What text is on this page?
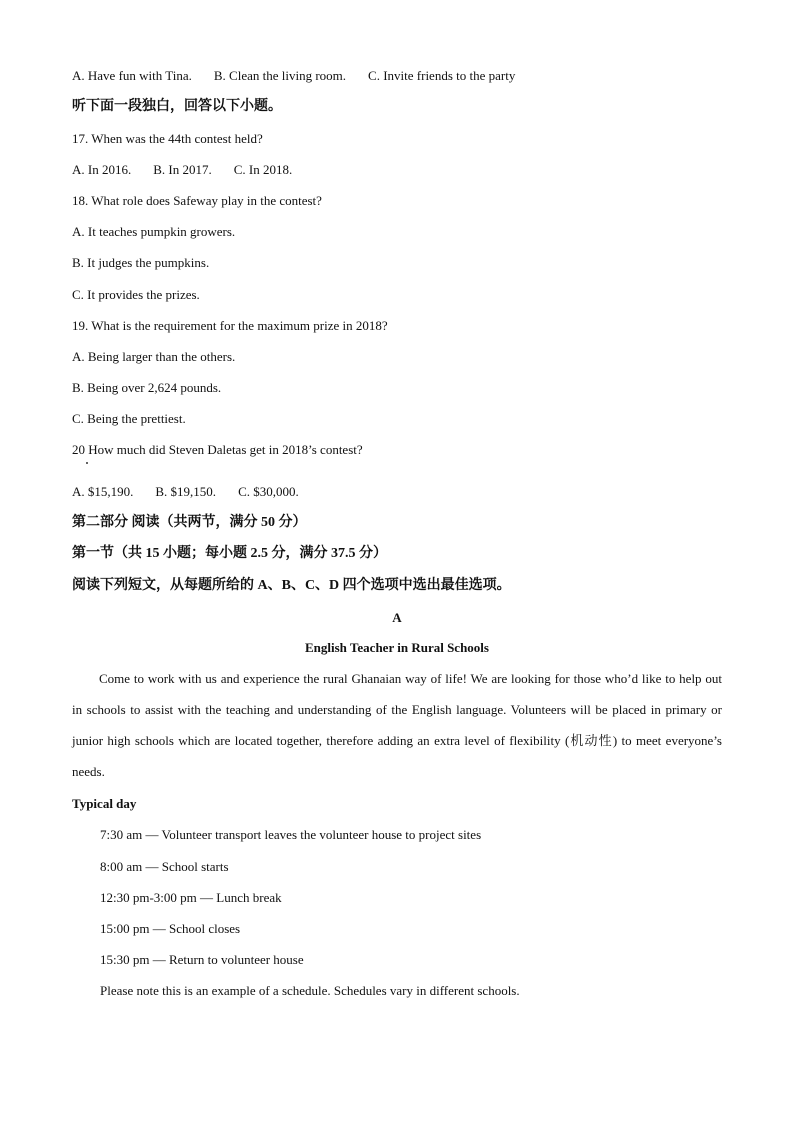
A. Have fun with Tina. B. Clean the living room. C. Invite friends to the party
听下面一段独白，回答以下小题。
17. When was the 44th contest held?
A. In 2016. B. In 2017. C. In 2018.
18. What role does Safeway play in the contest?
A. It teaches pumpkin growers.
B. It judges the pumpkins.
C. It provides the prizes.
19. What is the requirement for the maximum prize in 2018?
A. Being larger than the others.
B. Being over 2,624 pounds.
C. Being the prettiest.
20 How much did Steven Daletas get in 2018’s contest?
A. $15,190. B. $19,150. C. $30,000.
第二部分 阅读（共两节，满分 50 分）
第一节（共 15 小题；每小题 2.5 分，满分 37.5 分）
阅读下列短文，从每题所给的 A、B、C、D 四个选项中选出最佳选项。
A
English Teacher in Rural Schools
Come to work with us and experience the rural Ghanaian way of life! We are looking for those who’d like to help out in schools to assist with the teaching and understanding of the English language. Volunteers will be placed in primary or junior high schools which are located together, therefore adding an extra level of flexibility (机动性) to meet everyone’s needs.
Typical day
7:30 am — Volunteer transport leaves the volunteer house to project sites
8:00 am — School starts
12:30 pm-3:00 pm — Lunch break
15:00 pm — School closes
15:30 pm — Return to volunteer house
Please note this is an example of a schedule. Schedules vary in different schools.
